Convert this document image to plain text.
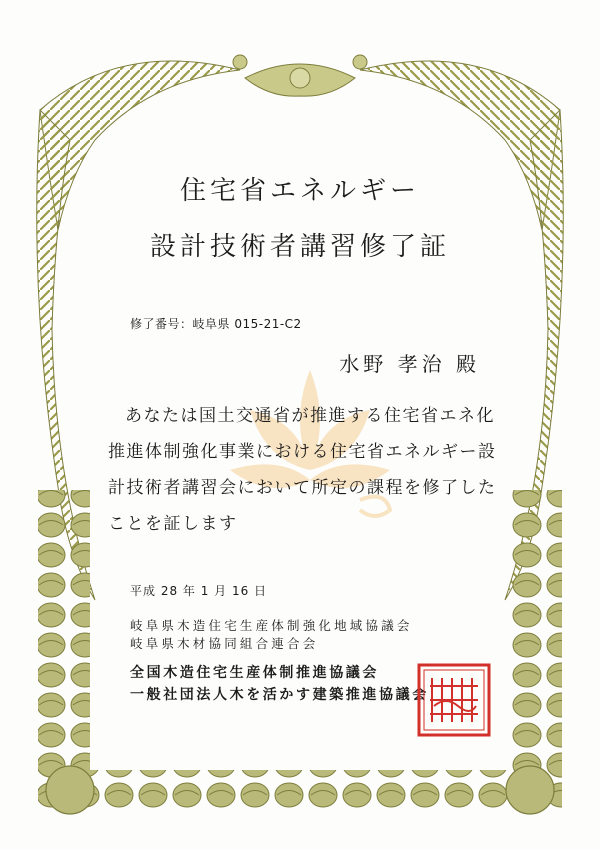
住宅省エネルギー
設計技術者講習修了証
修了番号：岐阜県 015-21-C2
水野 孝治 殿
あなたは国土交通省が推進する住宅省エネ化推進体制強化事業における住宅省エネルギー設計技術者講習会において所定の課程を修了したことを証します
平成 28 年 1 月 16 日
岐阜県木造住宅生産体制強化地域協議会
岐阜県木材協同組合連合会
全国木造住宅生産体制推進協議会
一般社団法人木を活かす建築推進協議会
